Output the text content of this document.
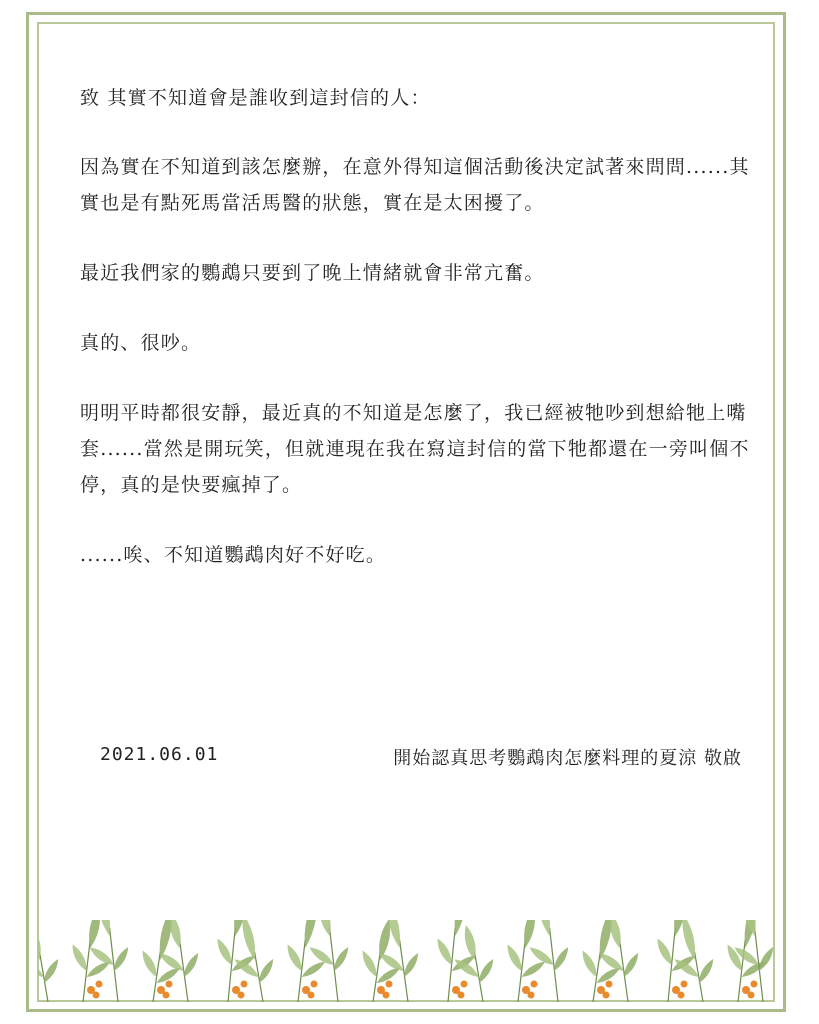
致 其實不知道會是誰收到這封信的人：

因為實在不知道到該怎麼辦，在意外得知這個活動後決定試著來問問......其實也是有點死馬當活馬醫的狀態，實在是太困擾了。

最近我們家的鸚鵡只要到了晚上情緒就會非常亢奮。

真的、很吵。

明明平時都很安靜，最近真的不知道是怎麼了，我已經被牠吵到想給牠上嘴套......當然是開玩笑，但就連現在我在寫這封信的當下牠都還在一旁叫個不停，真的是快要瘋掉了。

......唉、不知道鸚鵡肉好不好吃。

2021.06.01	開始認真思考鸚鵡肉怎麼料理的夏涼 敬啟
